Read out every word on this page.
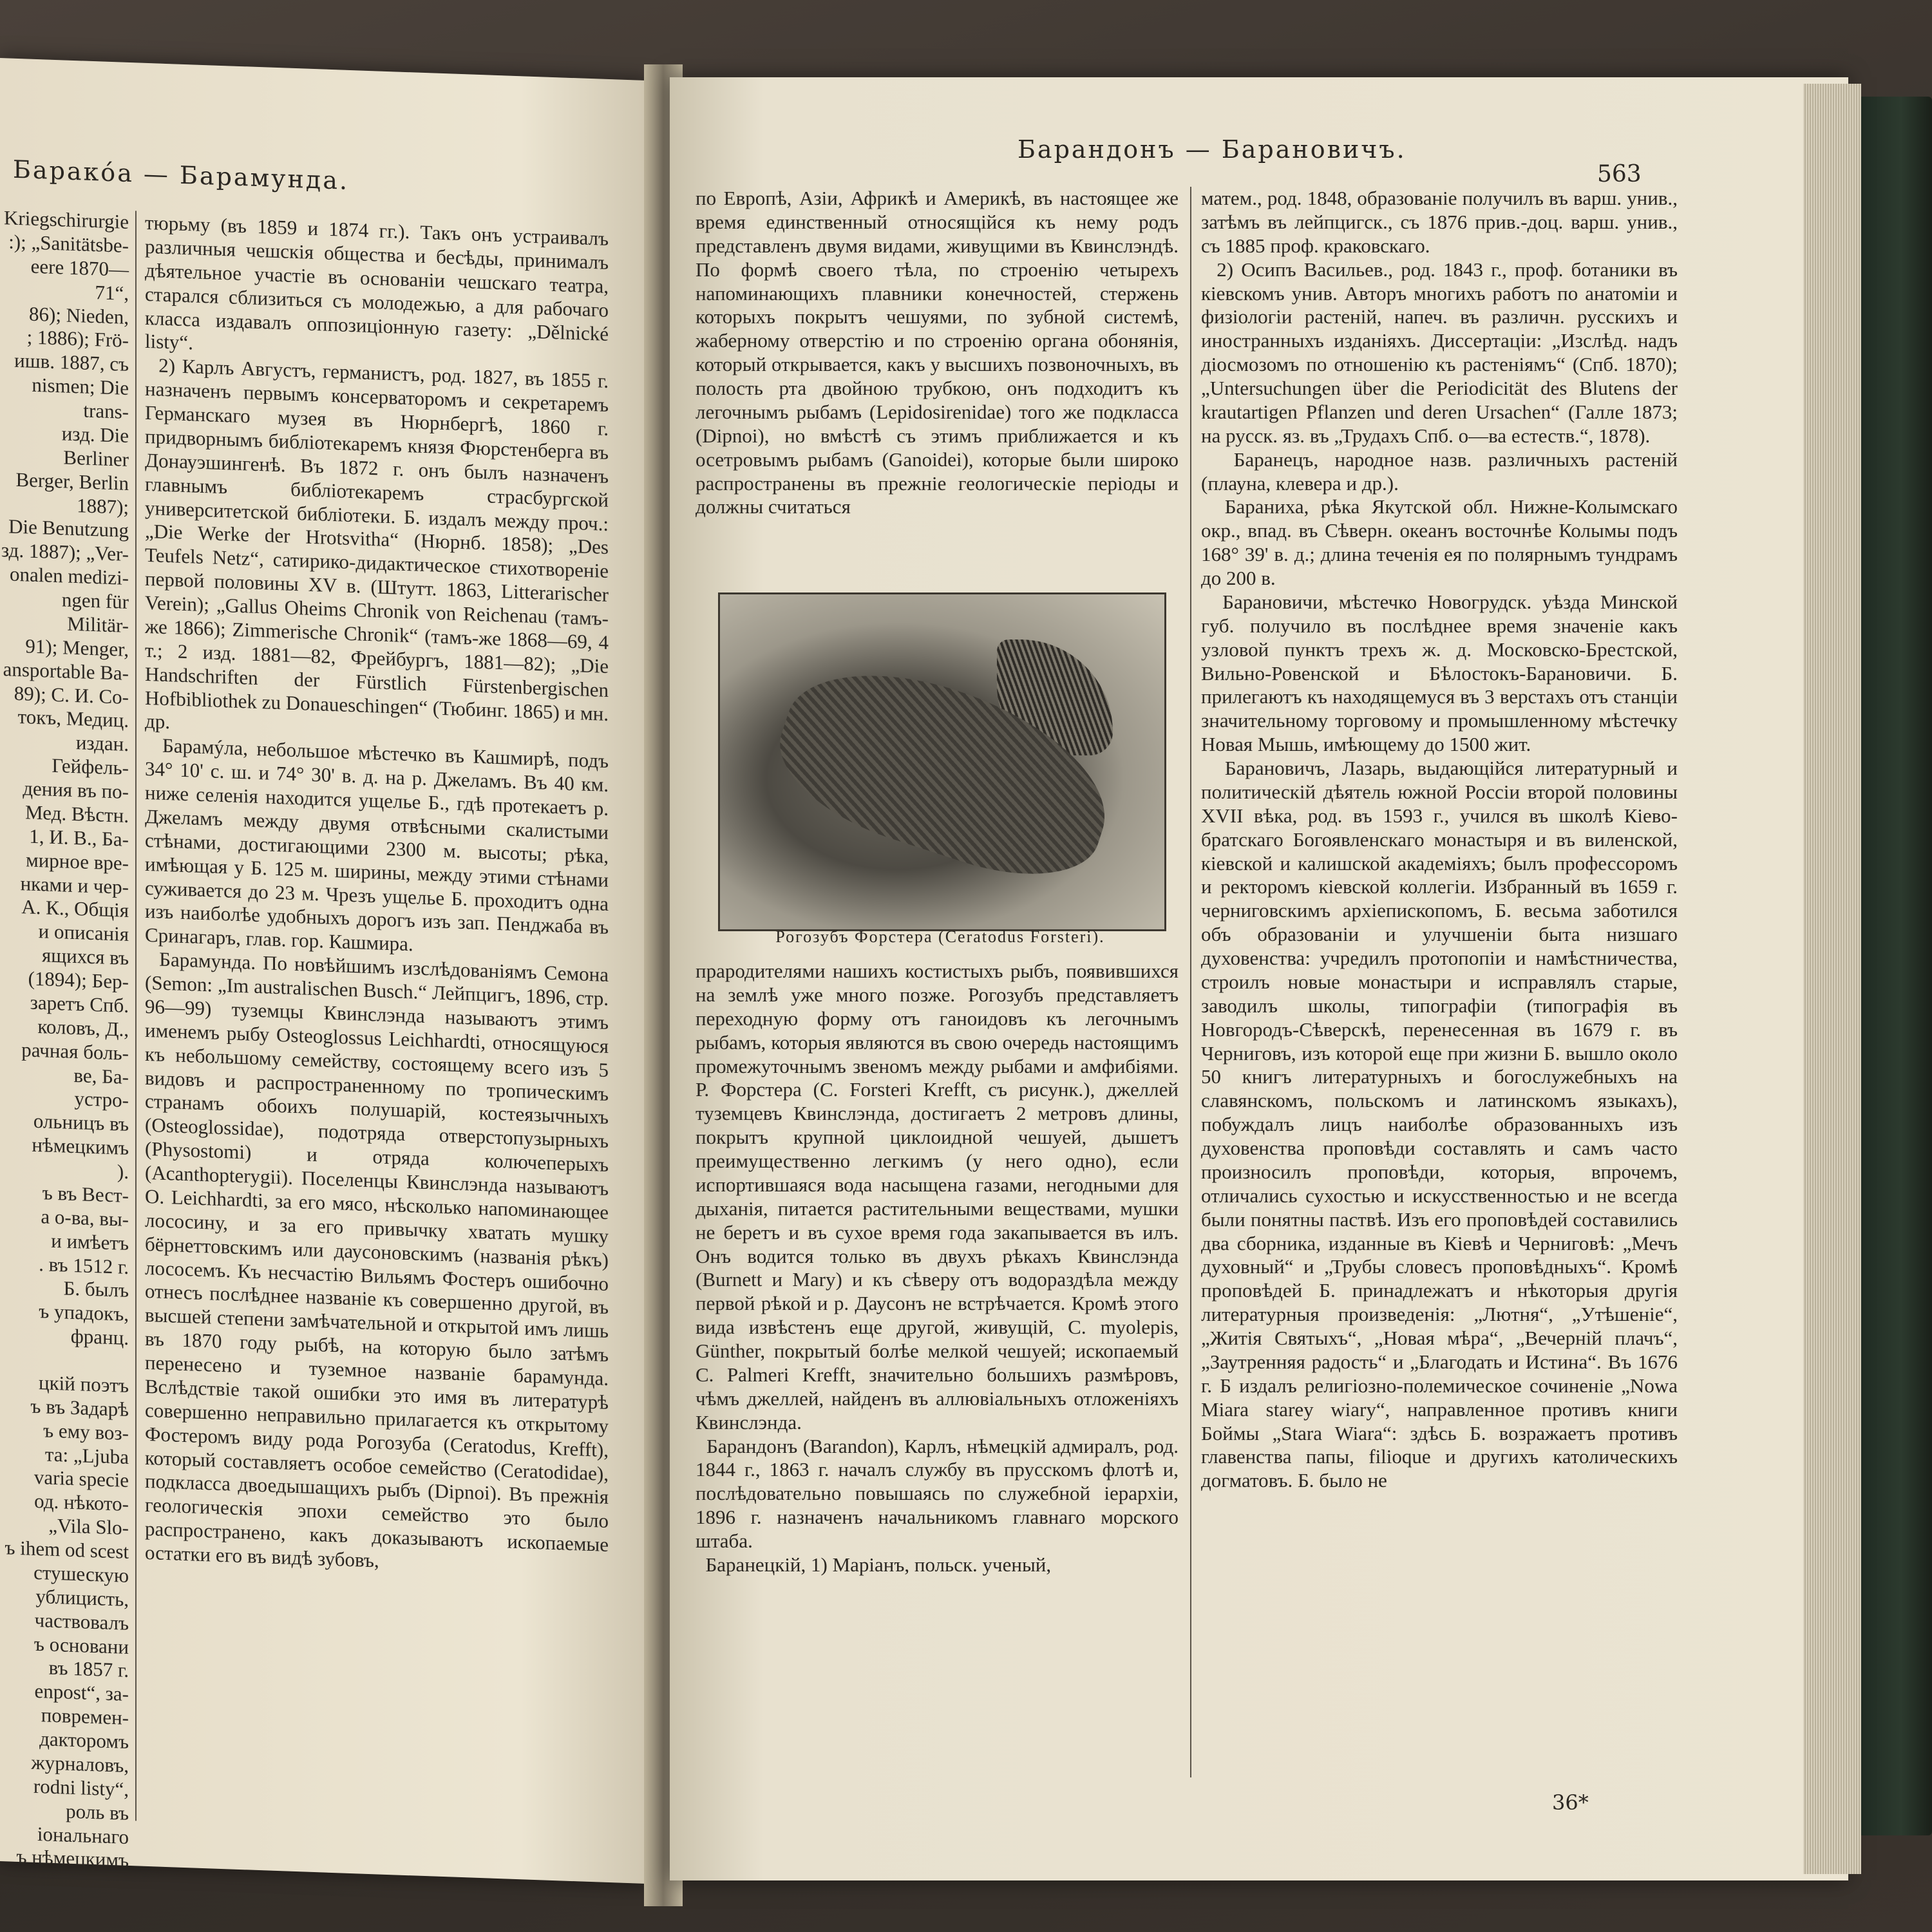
Баракóа — Барамунда.
Kriegschirurgie
:); „Sanitätsbe-
eere 1870—71“,
86); Nieden,
; 1886); Frö-
ишв. 1887, съ
nismen; Die trans-
изд. Die Berliner
Berger, Berlin 1887);
Die Benutzung
зд. 1887); „Ver-
onalen medizi-
ngen für Militär-
91); Menger,
ansportable Ba-
89); С. И. Со-
токъ, Медиц.
издан. Гейфель-
дения въ по-
Мед. Вѣстн.
1, И. В., Ба-
мирное вре-
нками и чер-
А. К., Общія
и описанія
ящихся въ
(1894); Бер-
заретъ Спб.
коловъ, Д.,
рачная боль-
ве, Ба-
устро-
ольницъ въ
нѣмецкимъ
).
ъ въ Вест-
а о-ва, вы-
и имѣетъ
. въ 1512 г.
Б. былъ
ъ упадокъ,
франц.

цкій поэтъ
ъ въ Задарѣ
ъ ему воз-
та: „Ljuba
varia specie
од. нѣкото-
„Vila Slo-
ъ ihem od scest
стушескую
ублицисть,
частвовалъ
ъ основани
въ 1857 г.
enpost“, за-
повремен-
дакторомъ
журналовъ,
rodni listy“,
роль въ
іональнаго
ъ нѣмецкимъ
тюрьму (въ 1859 и 1874 гг.). Такъ онъ устраивалъ различныя чешскія общества и бесѣды, принималъ дѣятельное участіе въ основаніи чешскаго театра, старался сблизиться съ молодежью, а для рабочаго класса издавалъ оппозиціонную газету: „Dělnické listy“.
2) Карлъ Августъ, германистъ, род. 1827, въ 1855 г. назначенъ первымъ консерваторомъ и секретаремъ Германскаго музея въ Нюрнбергѣ, 1860 г. придворнымъ библіотекаремъ князя Фюрстенберга въ Донауэшингенѣ. Въ 1872 г. онъ былъ назначенъ главнымъ библіотекаремъ страсбургской университетской библіотеки. Б. издалъ между проч.: „Die Werke der Hrotsvitha“ (Нюрнб. 1858); „Des Teufels Netz“, сатирико-дидактическое стихотвореніе первой половины XV в. (Штутт. 1863, Litterarischer Verein); „Gallus Oheims Chronik von Reichenau (тамъ-же 1866); Zimmerische Chronik“ (тамъ-же 1868—69, 4 т.; 2 изд. 1881—82, Фрейбургъ, 1881—82); „Die Handschriften der Fürstlich Fürstenbergischen Hofbibliothek zu Donaueschingen“ (Тюбинг. 1865) и мн. др.
Барамýла, небольшое мѣстечко въ Кашмирѣ, подъ 34° 10' с. ш. и 74° 30' в. д. на р. Джеламъ. Въ 40 км. ниже селенія находится ущелье Б., гдѣ протекаетъ р. Джеламъ между двумя отвѣсными скалистыми стѣнами, достигающими 2300 м. высоты; рѣка, имѣющая у Б. 125 м. ширины, между этими стѣнами суживается до 23 м. Чрезъ ущелье Б. проходитъ одна изъ наиболѣе удобныхъ дорогъ изъ зап. Пенджаба въ Сринагаръ, глав. гор. Кашмира.
Барамунда. По новѣйшимъ изслѣдованіямъ Семона (Semon: „Im australischen Busch.“ Лейпцигъ, 1896, стр. 96—99) туземцы Квинслэнда называютъ этимъ именемъ рыбу Osteoglossus Leichhardti, относящуюся къ небольшому семейству, состоящему всего изъ 5 видовъ и распространенному по тропическимъ странамъ обоихъ полушарій, костеязычныхъ (Osteoglossidae), подотряда отверстопузырныхъ (Physostomi) и отряда колючеперыхъ (Acanthopterygii). Поселенцы Квинслэнда называютъ O. Leichhardti, за его мясо, нѣсколько напоминающее лососину, и за его привычку хватать мушку бёрнеттовскимъ или даусоновскимъ (названія рѣкъ) лососемъ. Къ несчастію Вильямъ Фостеръ ошибочно отнесъ послѣднее названіе къ совершенно другой, въ высшей степени замѣчательной и открытой имъ лишь въ 1870 году рыбѣ, на которую было затѣмъ перенесено и туземное названіе барамунда. Вслѣдствіе такой ошибки это имя въ литературѣ совершенно неправильно прилагается къ открытому Фостеромъ виду рода Рогозуба (Ceratodus, Krefft), который составляетъ особое семейство (Ceratodidae), подкласса двоедышащихъ рыбъ (Dipnoi). Въ прежнія геологическія эпохи семейство это было распространено, какъ доказываютъ ископаемые остатки его въ видѣ зубовъ,
Барандонъ — Барановичъ.
563
по Европѣ, Азіи, Африкѣ и Америкѣ, въ настоящее же время единственный относящійся къ нему родъ представленъ двумя видами, живущими въ Квинслэндѣ. По формѣ своего тѣла, по строенію четырехъ напоминающихъ плавники конечностей, стержень которыхъ покрытъ чешуями, по зубной системѣ, жаберному отверстію и по строенію органа обонянія, который открывается, какъ у высшихъ позвоночныхъ, въ полость рта двойною трубкою, онъ подходитъ къ легочнымъ рыбамъ (Lepidosirenidae) того же подкласса (Dipnoi), но вмѣстѣ съ этимъ приближается и къ осетровымъ рыбамъ (Ganoidei), которые были широко распространены въ прежніе геологическіе періоды и должны считаться
Рогозубъ Форстера (Ceratodus Forsteri).
прародителями нашихъ костистыхъ рыбъ, появившихся на землѣ уже много позже. Рогозубъ представляетъ переходную форму отъ ганоидовъ къ легочнымъ рыбамъ, которыя являются въ свою очередь настоящимъ промежуточнымъ звеномъ между рыбами и амфибіями. Р. Форстера (C. Forsteri Krefft, съ рисунк.), джеллей туземцевъ Квинслэнда, достигаетъ 2 метровъ длины, покрытъ крупной циклоидной чешуей, дышетъ преимущественно легкимъ (у него одно), если испортившаяся вода насыщена газами, негодными для дыханія, питается растительными веществами, мушки не беретъ и въ сухое время года закапывается въ илъ. Онъ водится только въ двухъ рѣкахъ Квинслэнда (Burnett и Mary) и къ сѣверу отъ водораздѣла между первой рѣкой и р. Даусонъ не встрѣчается. Кромѣ этого вида извѣстенъ еще другой, живущій, C. myolepis, Günther, покрытый болѣе мелкой чешуей; ископаемый C. Palmeri Krefft, значительно большихъ размѣровъ, чѣмъ джеллей, найденъ въ аллювіальныхъ отложеніяхъ Квинслэнда.
Барандонъ (Barandon), Карлъ, нѣмецкій адмиралъ, род. 1844 г., 1863 г. началъ службу въ прусскомъ флотѣ и, послѣдовательно повышаясь по служебной іерархіи, 1896 г. назначенъ начальникомъ главнаго морского штаба.
Баранецкій, 1) Маріанъ, польск. ученый,
матем., род. 1848, образованіе получилъ въ варш. унив., затѣмъ въ лейпцигск., съ 1876 прив.-доц. варш. унив., съ 1885 проф. краковскаго.
2) Осипъ Васильев., род. 1843 г., проф. ботаники въ кіевскомъ унив. Авторъ многихъ работъ по анатоміи и физіологіи растеній, напеч. въ различн. русскихъ и иностранныхъ изданіяхъ. Диссертаціи: „Изслѣд. надъ діосмозомъ по отношенію къ растеніямъ“ (Спб. 1870); „Untersuchungen über die Periodicität des Blutens der krautartigen Pflanzen und deren Ursachen“ (Галле 1873; на русск. яз. въ „Трудахъ Спб. о—ва естеств.“, 1878).
Баранецъ, народное назв. различныхъ растеній (плауна, клевера и др.).
Бараниха, рѣка Якутской обл. Нижне-Колымскаго окр., впад. въ Сѣверн. океанъ восточнѣе Колымы подъ 168° 39' в. д.; длина теченія ея по полярнымъ тундрамъ до 200 в.
Барановичи, мѣстечко Новогрудск. уѣзда Минской губ. получило въ послѣднее время значеніе какъ узловой пунктъ трехъ ж. д. Московско-Брестской, Вильно-Ровенской и Бѣлостокъ-Барановичи. Б. прилегаютъ къ находящемуся въ 3 верстахъ отъ станціи значительному торговому и промышленному мѣстечку Новая Мышь, имѣющему до 1500 жит.
Барановичъ, Лазарь, выдающійся литературный и политическій дѣятель южной Россіи второй половины XVII вѣка, род. въ 1593 г., учился въ школѣ Кіево-братскаго Богоявленскаго монастыря и въ виленской, кіевской и калишской академіяхъ; былъ профессоромъ и ректоромъ кіевской коллегіи. Избранный въ 1659 г. черниговскимъ архіепископомъ, Б. весьма заботился объ образованіи и улучшеніи быта низшаго духовенства: учредилъ протопопіи и намѣстничества, строилъ новые монастыри и исправлялъ старые, заводилъ школы, типографіи (типографія въ Новгородъ-Сѣверскѣ, перенесенная въ 1679 г. въ Черниговъ, изъ которой еще при жизни Б. вышло около 50 книгъ литературныхъ и богослужебныхъ на славянскомъ, польскомъ и латинскомъ языкахъ), побуждалъ лицъ наиболѣе образованныхъ изъ духовенства проповѣди составлять и самъ часто произносилъ проповѣди, которыя, впрочемъ, отличались сухостью и искусственностью и не всегда были понятны паствѣ. Изъ его проповѣдей составились два сборника, изданные въ Кіевѣ и Черниговѣ: „Мечъ духовный“ и „Трубы словесъ проповѣдныхъ“. Кромѣ проповѣдей Б. принадлежатъ и нѣкоторыя другія литературныя произведенія: „Лютня“, „Утѣшеніе“, „Житія Святыхъ“, „Новая мѣра“, „Вечерній плачъ“, „Заутренняя радость“ и „Благодать и Истина“. Въ 1676 г. Б издалъ религіозно-полемическое сочиненіе „Nowa Miara starey wiary“, направленное противъ книги Боймы „Stara Wiara“: здѣсь Б. возражаетъ противъ главенства папы, filioque и другихъ католическихъ догматовъ. Б. было не
36*
